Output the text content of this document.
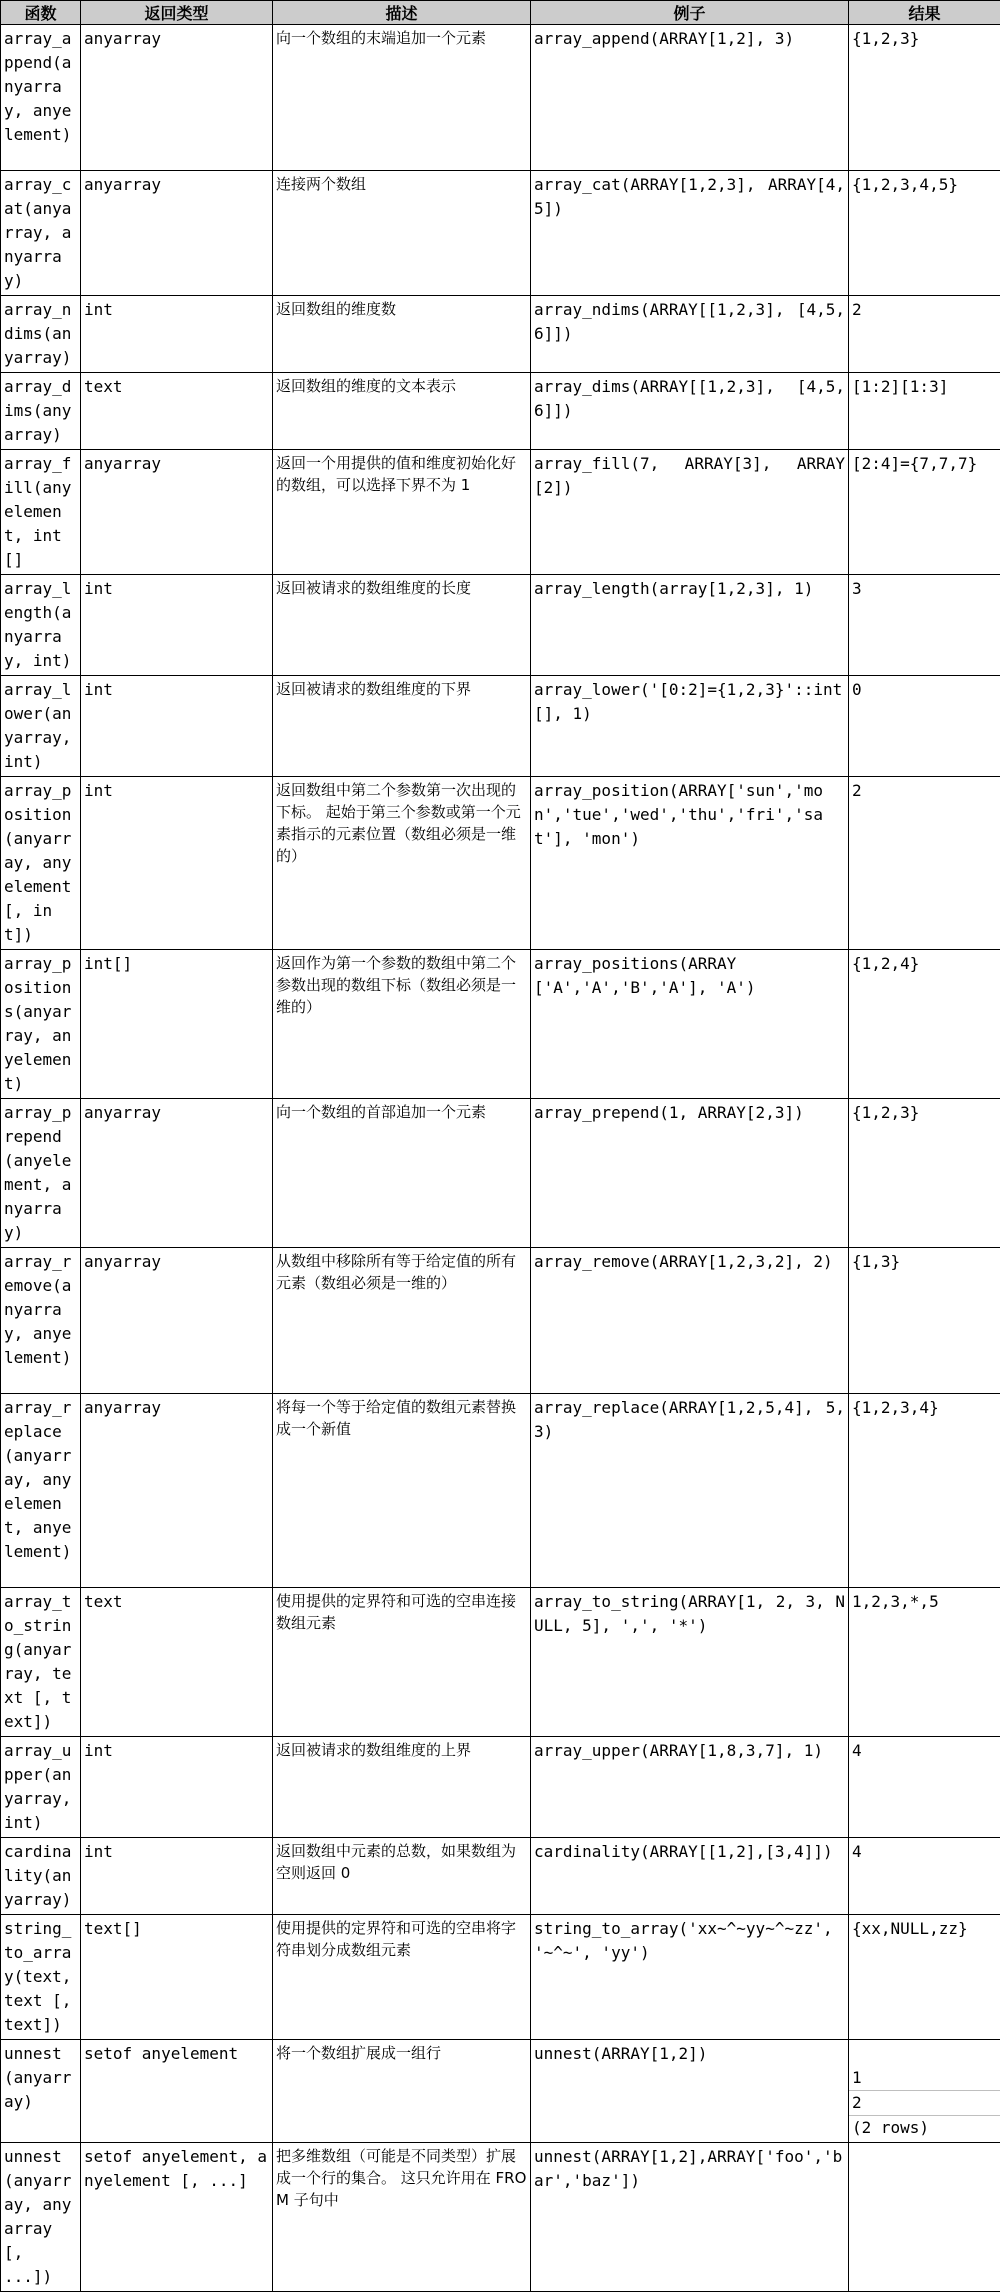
函数	返回类型	描述	例子	结果
array_append(anyarray, anyelement)	anyarray	向一个数组的末端追加一个元素	array_append(ARRAY[1,2], 3)	{1,2,3}
array_cat(anyarray, anyarray)	anyarray	连接两个数组	array_cat(ARRAY[1,2,3], ARRAY[4,5])	{1,2,3,4,5}
array_ndims(anyarray)	int	返回数组的维度数	array_ndims(ARRAY[[1,2,3], [4,5,6]])	2
array_dims(anyarray)	text	返回数组的维度的文本表示	array_dims(ARRAY[[1,2,3], [4,5,6]])	[1:2][1:3]
array_fill(anyelement, int[]	anyarray	返回一个用提供的值和维度初始化好的数组，可以选择下界不为 1	array_fill(7, ARRAY[3], ARRAY[2])	[2:4]={7,7,7}
array_length(anyarray, int)	int	返回被请求的数组维度的长度	array_length(array[1,2,3], 1)	3
array_lower(anyarray, int)	int	返回被请求的数组维度的下界	array_lower('[0:2]={1,2,3}'::int[], 1)	0
array_position(anyarray, anyelement [, int])	int	返回数组中第二个参数第一次出现的下标。 起始于第三个参数或第一个元素指示的元素位置（数组必须是一维的）	array_position(ARRAY['sun','mon','tue','wed','thu','fri','sat'], 'mon')	2
array_positions(anyarray, anyelement)	int[]	返回作为第一个参数的数组中第二个参数出现的数组下标（数组必须是一维的）	array_positions(ARRAY['A','A','B','A'], 'A')	{1,2,4}
array_prepend(anyelement, anyarray)	anyarray	向一个数组的首部追加一个元素	array_prepend(1, ARRAY[2,3])	{1,2,3}
array_remove(anyarray, anyelement)	anyarray	从数组中移除所有等于给定值的所有元素（数组必须是一维的）	array_remove(ARRAY[1,2,3,2], 2)	{1,3}
array_replace(anyarray, anyelement, anyelement)	anyarray	将每一个等于给定值的数组元素替换成一个新值	array_replace(ARRAY[1,2,5,4], 5, 3)	{1,2,3,4}
array_to_string(anyarray, text [, text])	text	使用提供的定界符和可选的空串连接数组元素	array_to_string(ARRAY[1, 2, 3, NULL, 5], ',', '*')	1,2,3,*,5
array_upper(anyarray, int)	int	返回被请求的数组维度的上界	array_upper(ARRAY[1,8,3,7], 1)	4
cardinality(anyarray)	int	返回数组中元素的总数，如果数组为空则返回 0	cardinality(ARRAY[[1,2],[3,4]])	4
string_to_array(text, text [, text])	text[]	使用提供的定界符和可选的空串将字符串划分成数组元素	string_to_array('xx~^~yy~^~zz', '~^~', 'yy')	{xx,NULL,zz}
unnest(anyarray)	setof anyelement	将一个数组扩展成一组行	unnest(ARRAY[1,2])	1
2
(2 rows)

unnest(anyarray, anyarray [, ...])	setof anyelement, anyelement [, ...]	把多维数组（可能是不同类型）扩展成一个行的集合。 这只允许用在 FROM 子句中	unnest(ARRAY[1,2],ARRAY['foo','bar','baz'])	
